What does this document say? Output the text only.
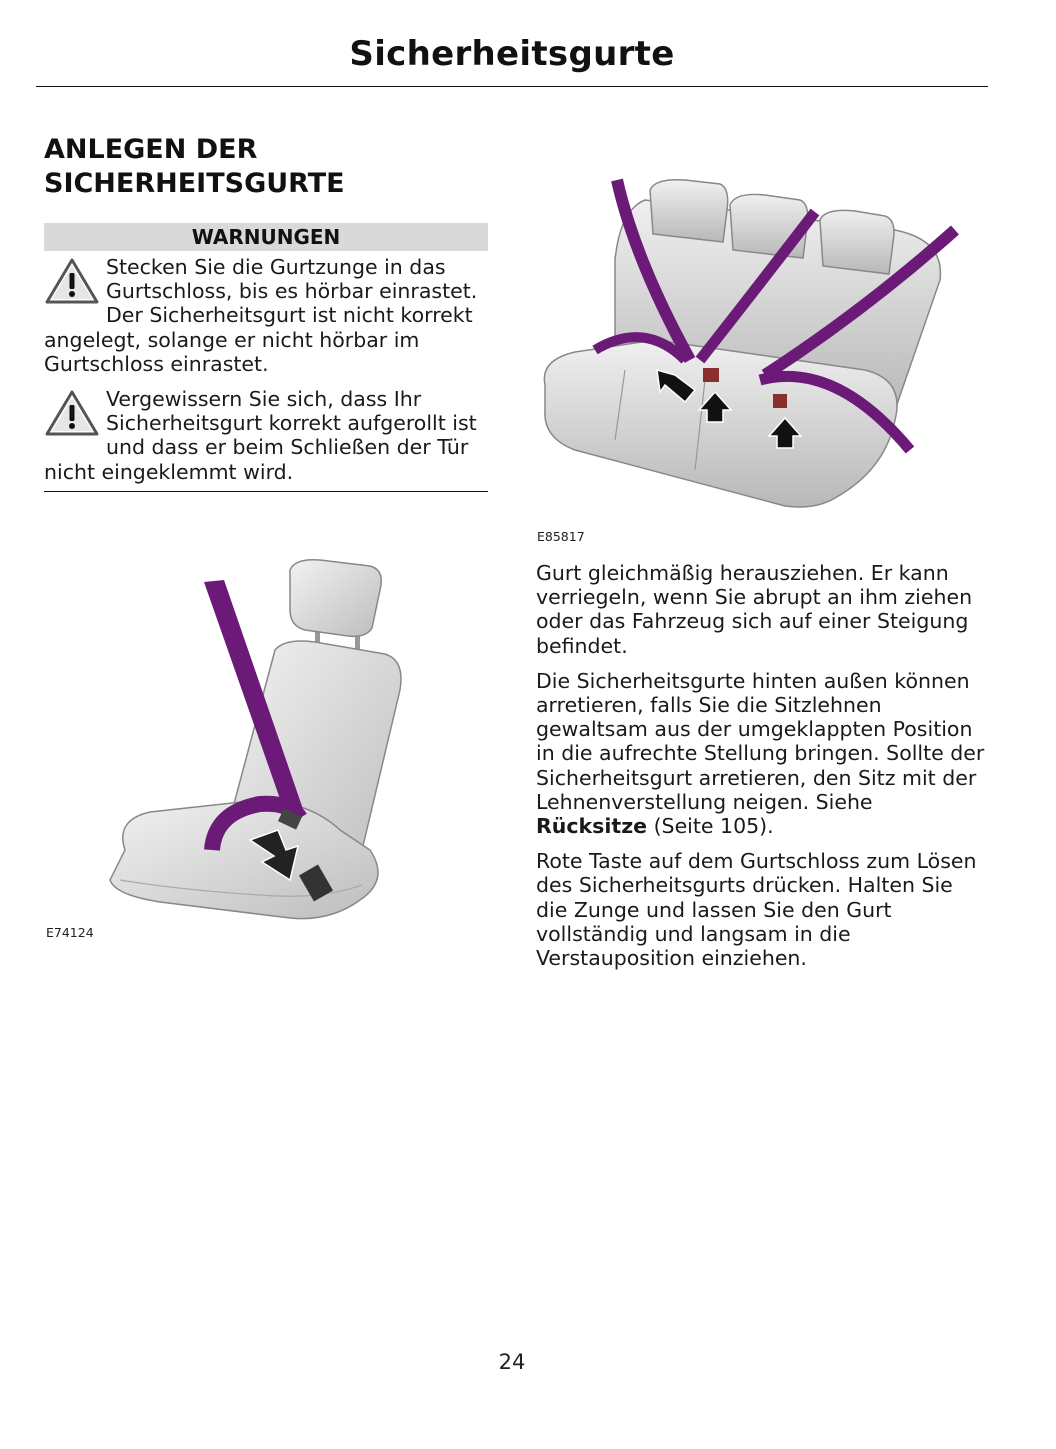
Sicherheitsgurte
ANLEGEN DER
SICHERHEITSGURTE
WARNUNGEN

Stecken Sie die Gurtzunge in das Gurtschloss, bis es hörbar einrastet. Der Sicherheitsgurt ist nicht korrekt angelegt, solange er nicht hörbar im Gurtschloss einrastet.

Vergewissern Sie sich, dass Ihr Sicherheitsgurt korrekt aufgerollt ist und dass er beim Schließen der Tür nicht eingeklemmt wird.

E74124
E85817

Gurt gleichmäßig herausziehen. Er kann verriegeln, wenn Sie abrupt an ihm ziehen oder das Fahrzeug sich auf einer Steigung befindet.

Die Sicherheitsgurte hinten außen können arretieren, falls Sie die Sitzlehnen gewaltsam aus der umgeklappten Position in die aufrechte Stellung bringen. Sollte der Sicherheitsgurt arretieren, den Sitz mit der Lehnenverstellung neigen. Siehe
Rücksitze (Seite 105).

Rote Taste auf dem Gurtschloss zum Lösen des Sicherheitsgurts drücken. Halten Sie die Zunge und lassen Sie den Gurt vollständig und langsam in die Verstauposition einziehen.

24
